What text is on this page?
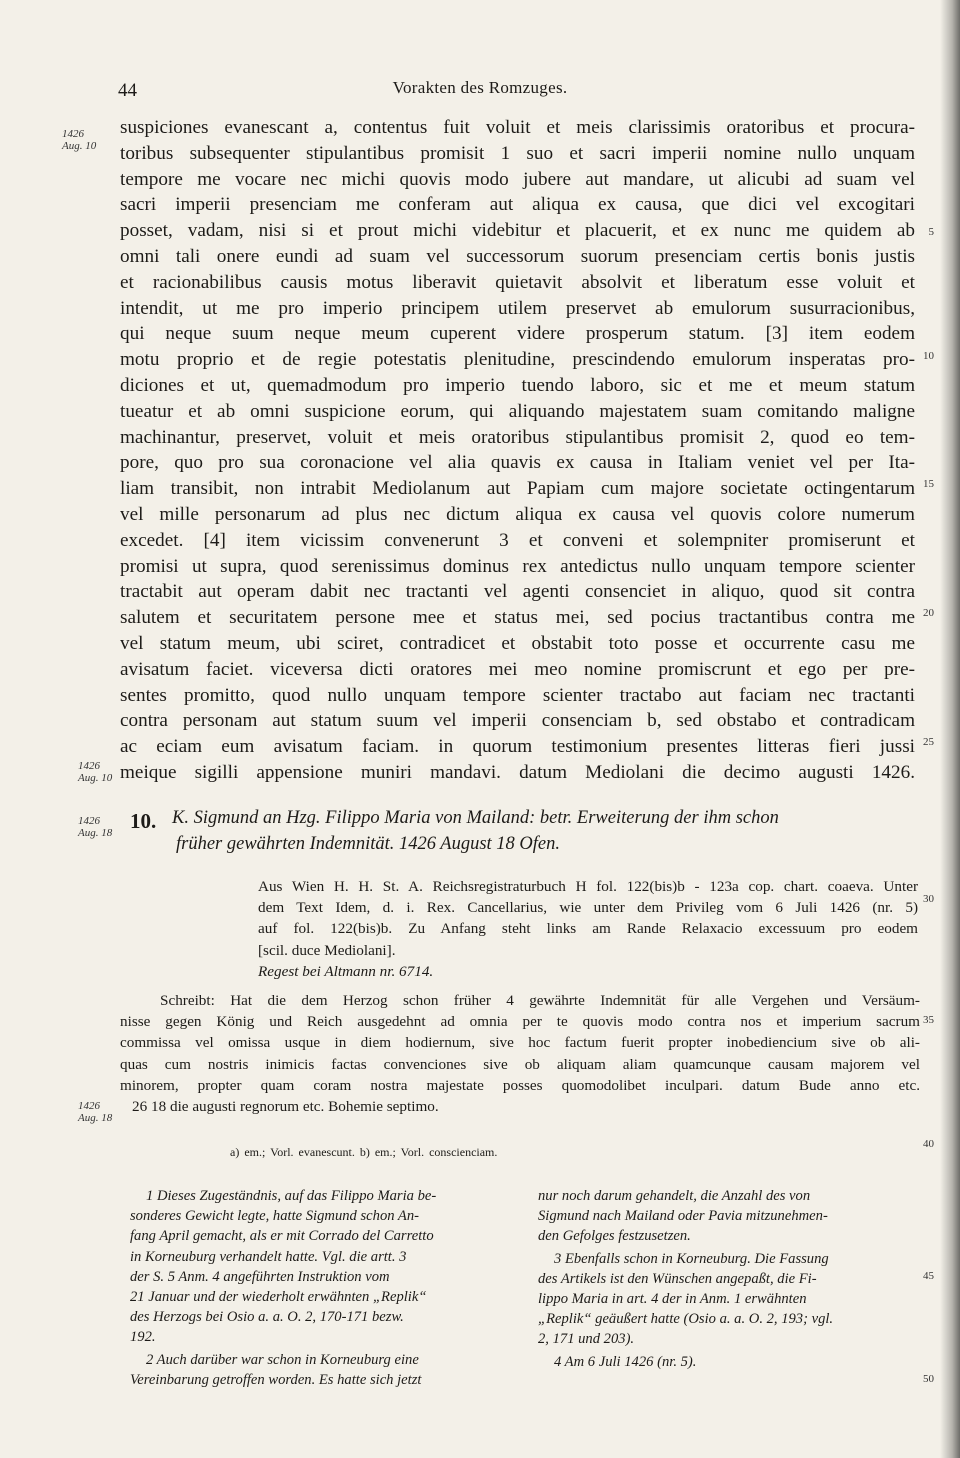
44	Vorakten des Romzuges.
1426
Aug. 10
1426
Aug. 10
1426
Aug. 18
1426
Aug. 18
5
10
15
20
25
30
35
40
45
50
suspiciones evanescant a, contentus fuit voluit et meis clarissimis oratoribus et procura-
toribus subsequenter stipulantibus promisit 1 suo et sacri imperii nomine nullo unquam
tempore me vocare nec michi quovis modo jubere aut mandare, ut alicubi ad suam vel
sacri imperii presenciam me conferam aut aliqua ex causa, que dici vel excogitari
posset, vadam, nisi si et prout michi videbitur et placuerit, et ex nunc me quidem ab
omni tali onere eundi ad suam vel successorum suorum presenciam certis bonis justis
et racionabilibus causis motus liberavit quietavit absolvit et liberatum esse voluit et
intendit, ut me pro imperio principem utilem preservet ab emulorum susurracionibus,
qui neque suum neque meum cuperent videre prosperum statum. [3] item eodem
motu proprio et de regie potestatis plenitudine, prescindendo emulorum insperatas pro-
diciones et ut, quemadmodum pro imperio tuendo laboro, sic et me et meum statum
tueatur et ab omni suspicione eorum, qui aliquando majestatem suam comitando maligne
machinantur, preservet, voluit et meis oratoribus stipulantibus promisit 2, quod eo tem-
pore, quo pro sua coronacione vel alia quavis ex causa in Italiam veniet vel per Ita-
liam transibit, non intrabit Mediolanum aut Papiam cum majore societate octingentarum
vel mille personarum ad plus nec dictum aliqua ex causa vel quovis colore numerum
excedet. [4] item vicissim convenerunt 3 et conveni et solempniter promiserunt et
promisi ut supra, quod serenissimus dominus rex antedictus nullo unquam tempore scienter
tractabit aut operam dabit nec tractanti vel agenti consenciet in aliquo, quod sit contra
salutem et securitatem persone mee et status mei, sed pocius tractantibus contra me
vel statum meum, ubi sciret, contradicet et obstabit toto posse et occurrente casu me
avisatum faciet. viceversa dicti oratores mei meo nomine promiscrunt et ego per pre-
sentes promitto, quod nullo unquam tempore scienter tractabo aut faciam nec tractanti
contra personam aut statum suum vel imperii consenciam b, sed obstabo et contradicam
ac eciam eum avisatum faciam. in quorum testimonium presentes litteras fieri jussi
meique sigilli appensione muniri mandavi. datum Mediolani die decimo augusti 1426.
10. K. Sigmund an Hzg. Filippo Maria von Mailand: betr. Erweiterung der ihm schon
früher gewährten Indemnität. 1426 August 18 Ofen.
Aus Wien H. H. St. A. Reichsregistraturbuch H fol. 122(bis)b - 123a cop. chart. coaeva. Unter
dem Text Idem, d. i. Rex. Cancellarius, wie unter dem Privileg vom 6 Juli 1426 (nr. 5)
auf fol. 122(bis)b. Zu Anfang steht links am Rande Relaxacio excessuum pro eodem
[scil. duce Mediolani].
Regest bei Altmann nr. 6714.
Schreibt: Hat die dem Herzog schon früher 4 gewährte Indemnität für alle Vergehen und Versäum-
nisse gegen König und Reich ausgedehnt ad omnia per te quovis modo contra nos et imperium sacrum
commissa vel omissa usque in diem hodiernum, sive hoc factum fuerit propter inobediencium sive ob ali-
quas cum nostris inimicis factas convenciones sive ob aliquam aliam quamcunque causam majorem vel
minorem, propter quam coram nostra majestate posses quomodolibet inculpari. datum Bude anno etc.
26 18 die augusti regnorum etc. Bohemie septimo.
a) em.; Vorl. evanescunt. b) em.; Vorl. conscienciam.
1 Dieses Zugeständnis, auf das Filippo Maria be-
sonderes Gewicht legte, hatte Sigmund schon An-
fang April gemacht, als er mit Corrado del Carretto
in Korneuburg verhandelt hatte. Vgl. die artt. 3
der S. 5 Anm. 4 angeführten Instruktion vom
21 Januar und der wiederholt erwähnten „Replik“
des Herzogs bei Osio a. a. O. 2, 170-171 bezw.
192.
2 Auch darüber war schon in Korneuburg eine
Vereinbarung getroffen worden. Es hatte sich jetzt
nur noch darum gehandelt, die Anzahl des von
Sigmund nach Mailand oder Pavia mitzunehmen-
den Gefolges festzusetzen.
3 Ebenfalls schon in Korneuburg. Die Fassung
des Artikels ist den Wünschen angepaßt, die Fi-
lippo Maria in art. 4 der in Anm. 1 erwähnten
„Replik“ geäußert hatte (Osio a. a. O. 2, 193; vgl.
2, 171 und 203).
4 Am 6 Juli 1426 (nr. 5).
